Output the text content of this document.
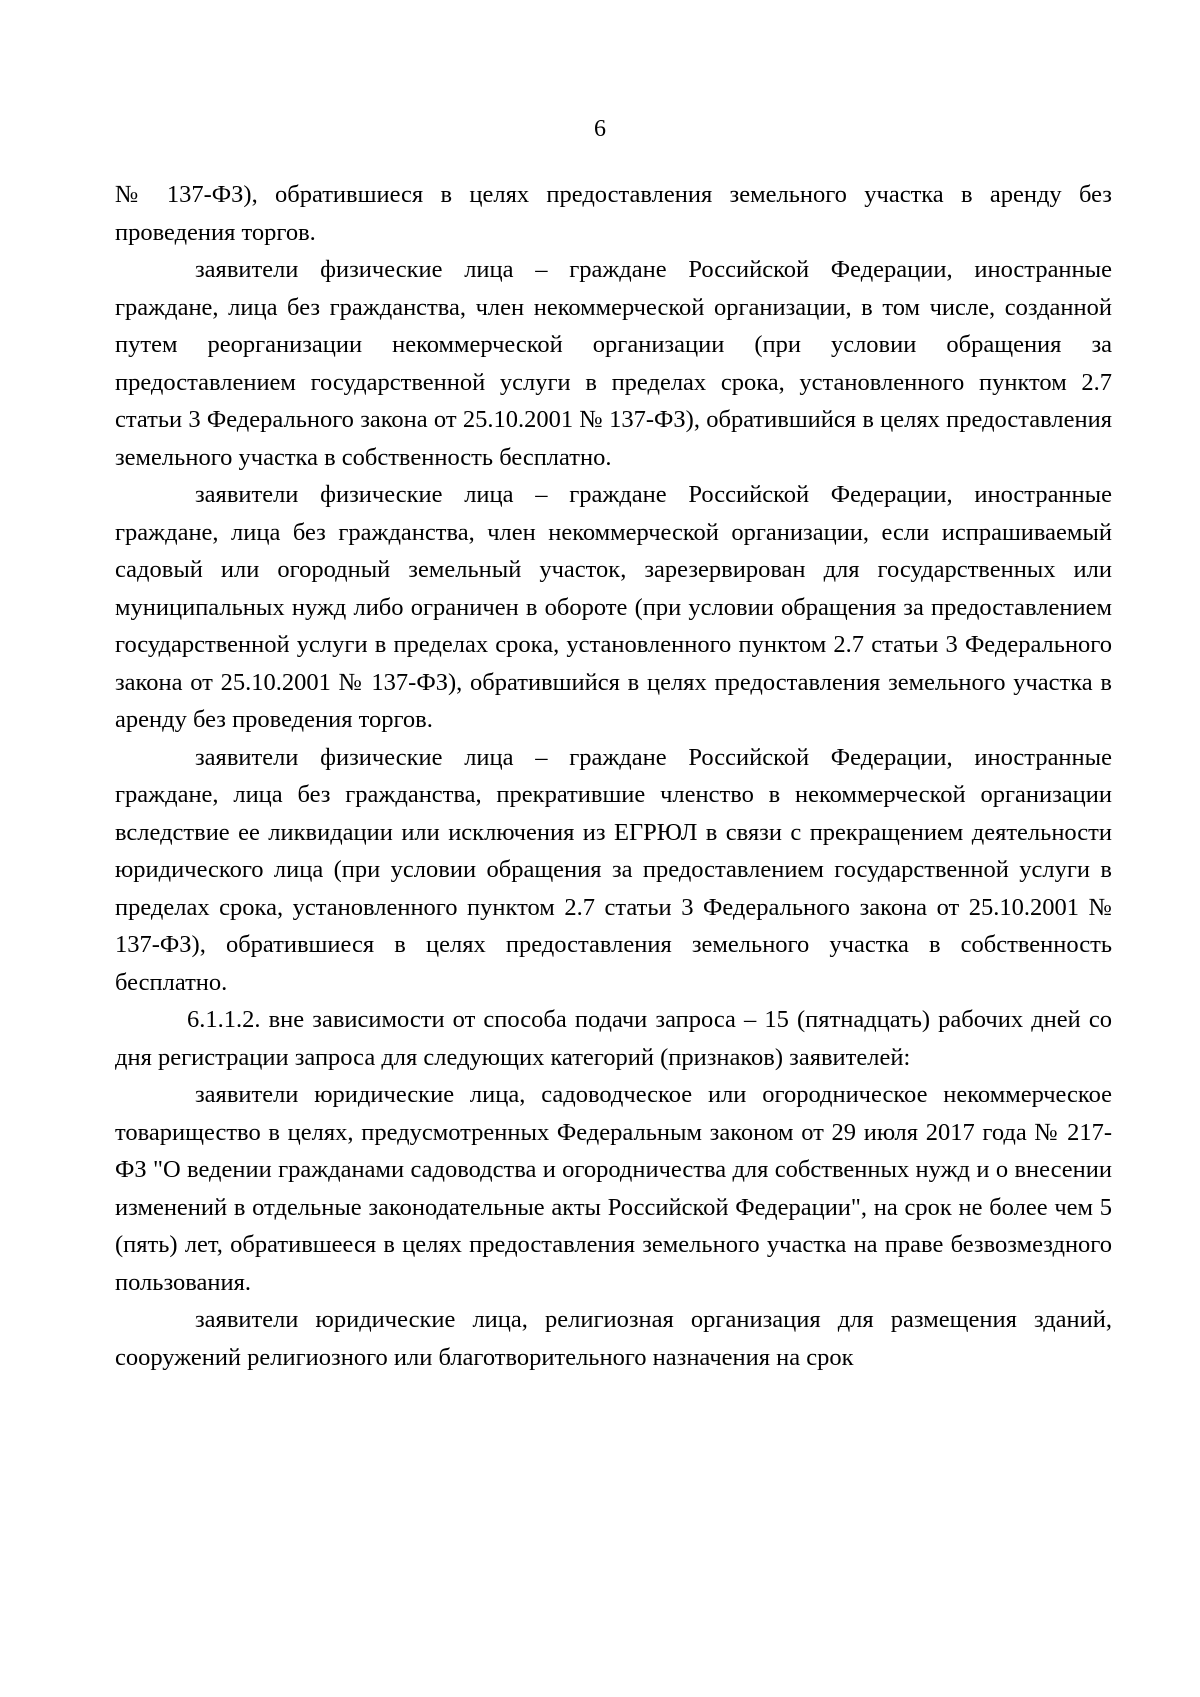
6

№ 137-ФЗ), обратившиеся в целях предоставления земельного участка в аренду без проведения торгов.

заявители физические лица – граждане Российской Федерации, иностранные граждане, лица без гражданства, член некоммерческой организации, в том числе, созданной путем реорганизации некоммерческой организации (при условии обращения за предоставлением государственной услуги в пределах срока, установленного пунктом 2.7 статьи 3 Федерального закона от 25.10.2001 № 137-ФЗ), обратившийся в целях предоставления земельного участка в собственность бесплатно.

заявители физические лица – граждане Российской Федерации, иностранные граждане, лица без гражданства, член некоммерческой организации, если испрашиваемый садовый или огородный земельный участок, зарезервирован для государственных или муниципальных нужд либо ограничен в обороте (при условии обращения за предоставлением государственной услуги в пределах срока, установленного пунктом 2.7 статьи 3 Федерального закона от 25.10.2001 № 137-ФЗ), обратившийся в целях предоставления земельного участка в аренду без проведения торгов.

заявители физические лица – граждане Российской Федерации, иностранные граждане, лица без гражданства, прекратившие членство в некоммерческой организации вследствие ее ликвидации или исключения из ЕГРЮЛ в связи с прекращением деятельности юридического лица (при условии обращения за предоставлением государственной услуги в пределах срока, установленного пунктом 2.7 статьи 3 Федерального закона от 25.10.2001 № 137-ФЗ), обратившиеся в целях предоставления земельного участка в собственность бесплатно.

6.1.1.2. вне зависимости от способа подачи запроса – 15 (пятнадцать) рабочих дней со дня регистрации запроса для следующих категорий (признаков) заявителей:

заявители юридические лица, садоводческое или огородническое некоммерческое товарищество в целях, предусмотренных Федеральным законом от 29 июля 2017 года № 217-ФЗ "О ведении гражданами садоводства и огородничества для собственных нужд и о внесении изменений в отдельные законодательные акты Российской Федерации", на срок не более чем 5 (пять) лет, обратившееся в целях предоставления земельного участка на праве безвозмездного пользования.

заявители юридические лица, религиозная организация для размещения зданий, сооружений религиозного или благотворительного назначения на срок
